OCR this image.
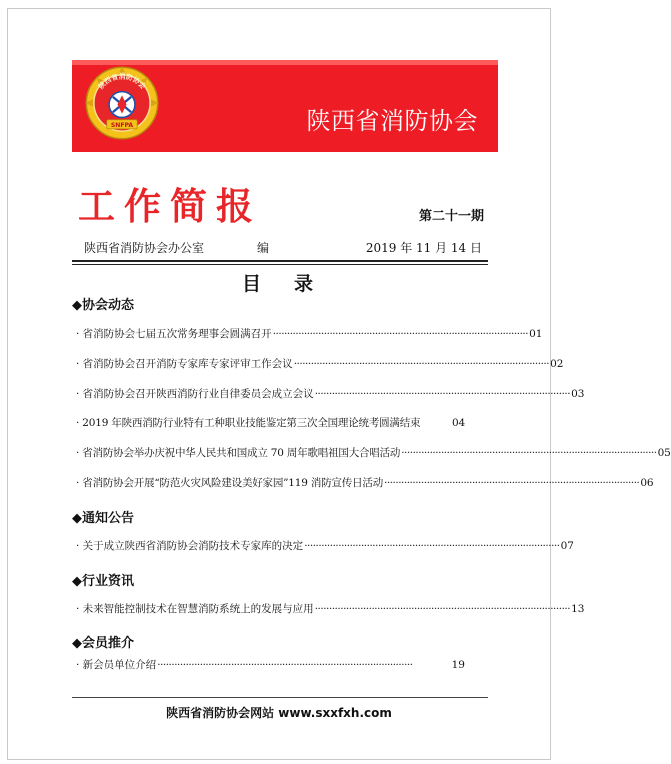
陕西省消防协会
SNFPA	陕西省消防协会
工作简报	第二十一期
陕西省消防协会办公室	编	2019 年 11 月 14 日
目录
◆协会动态
· 省消防协会七届五次常务理事会圆满召开 ·························································································· 01
· 省消防协会召开消防专家库专家评审工作会议 ·························································································· 02
· 省消防协会召开陕西消防行业自律委员会成立会议 ·························································································· 03
· 2019 年陕西消防行业特有工种职业技能鉴定第三次全国理论统考圆满结束	04
· 省消防协会举办庆祝中华人民共和国成立 70 周年歌唱祖国大合唱活动 ·························································································· 05
· 省消防协会开展“防范火灾风险建设美好家园”119 消防宣传日活动 ·························································································· 06
◆通知公告
· 关于成立陕西省消防协会消防技术专家库的决定 ·························································································· 07
◆行业资讯
· 未来智能控制技术在智慧消防系统上的发展与应用 ·························································································· 13
◆会员推介
· 新会员单位介绍 ··························································································	19
陕西省消防协会网站 www.sxxfxh.com
